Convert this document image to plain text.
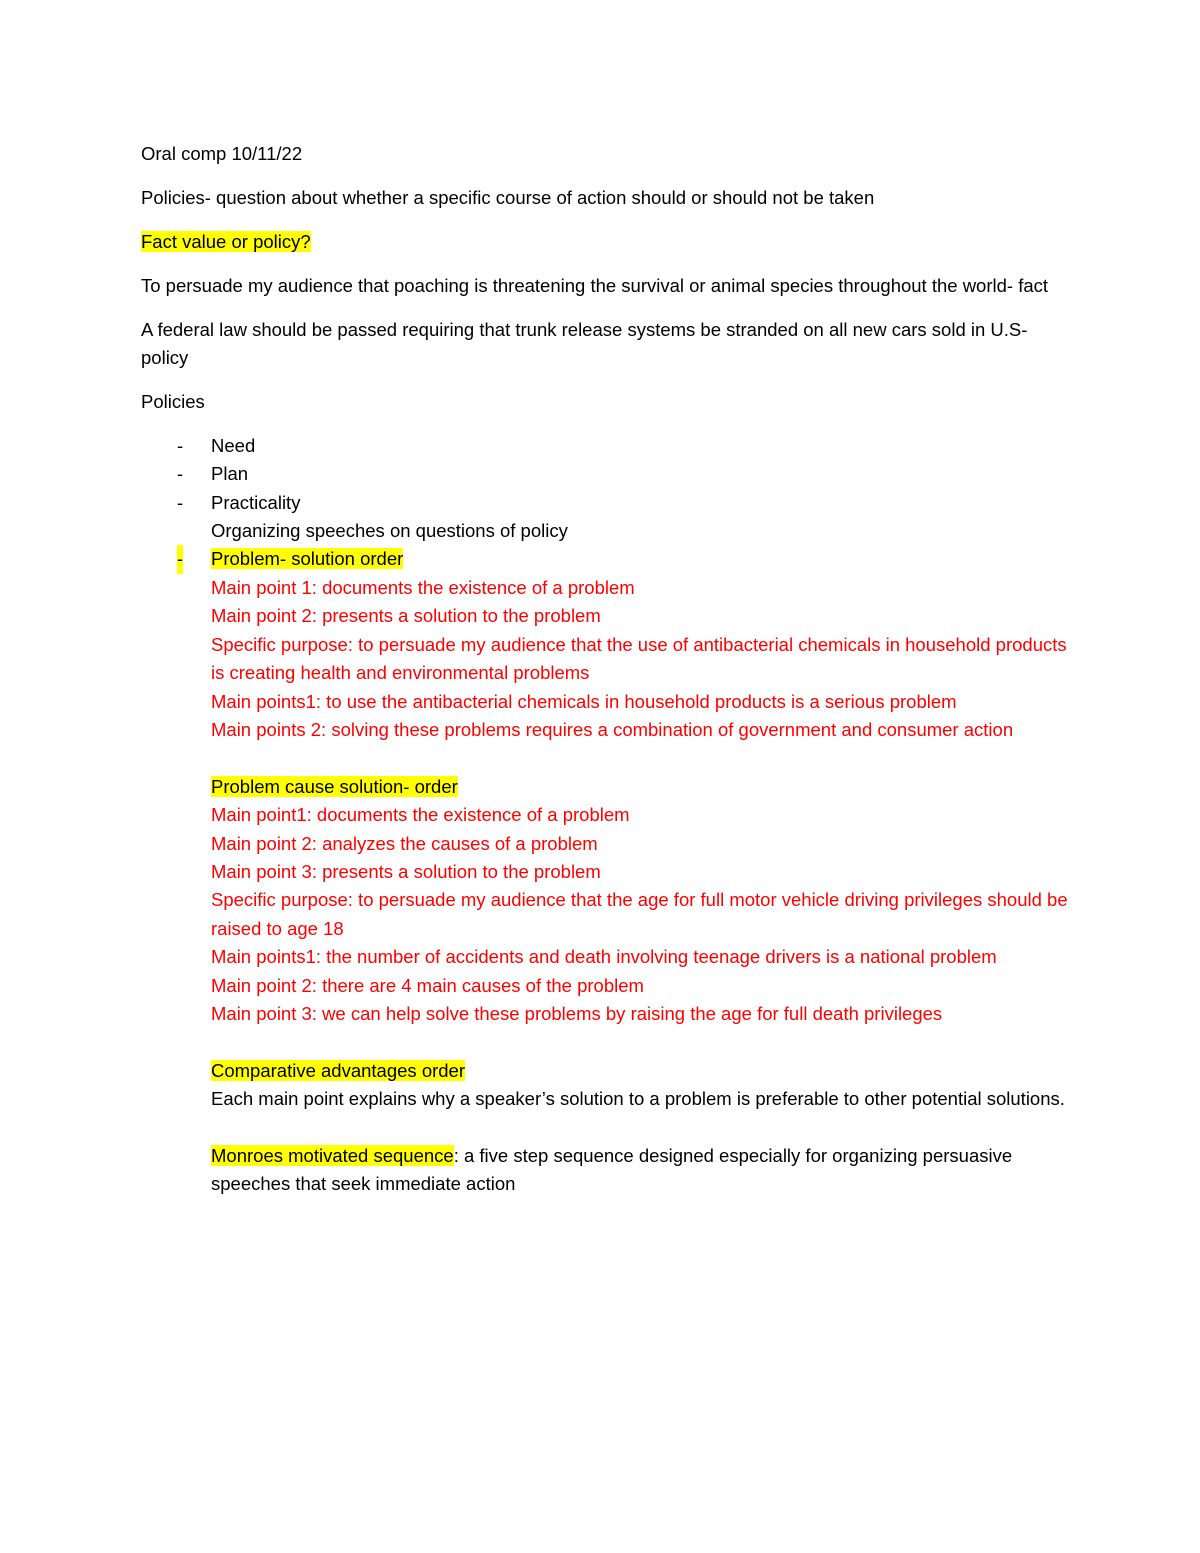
Oral comp 10/11/22

Policies- question about whether a specific course of action should or should not be taken

Fact value or policy?

To persuade my audience that poaching is threatening the survival or animal species throughout the world- fact

A federal law should be passed requiring that trunk release systems be stranded on all new cars sold in U.S- policy

Policies

- Need
- Plan
- Practicality
Organizing speeches on questions of policy
- Problem- solution order
Main point 1: documents the existence of a problem
Main point 2: presents a solution to the problem
Specific purpose: to persuade my audience that the use of antibacterial chemicals in household products is creating health and environmental problems
Main points1: to use the antibacterial chemicals in household products is a serious problem
Main points 2: solving these problems requires a combination of government and consumer action
Problem cause solution- order
Main point1: documents the existence of a problem
Main point 2: analyzes the causes of a problem
Main point 3: presents a solution to the problem
Specific purpose: to persuade my audience that the age for full motor vehicle driving privileges should be raised to age 18
Main points1: the number of accidents and death involving teenage drivers is a national problem
Main point 2: there are 4 main causes of the problem
Main point 3: we can help solve these problems by raising the age for full death privileges
Comparative advantages order
Each main point explains why a speaker’s solution to a problem is preferable to other potential solutions.
Monroes motivated sequence: a five step sequence designed especially for organizing persuasive speeches that seek immediate action
